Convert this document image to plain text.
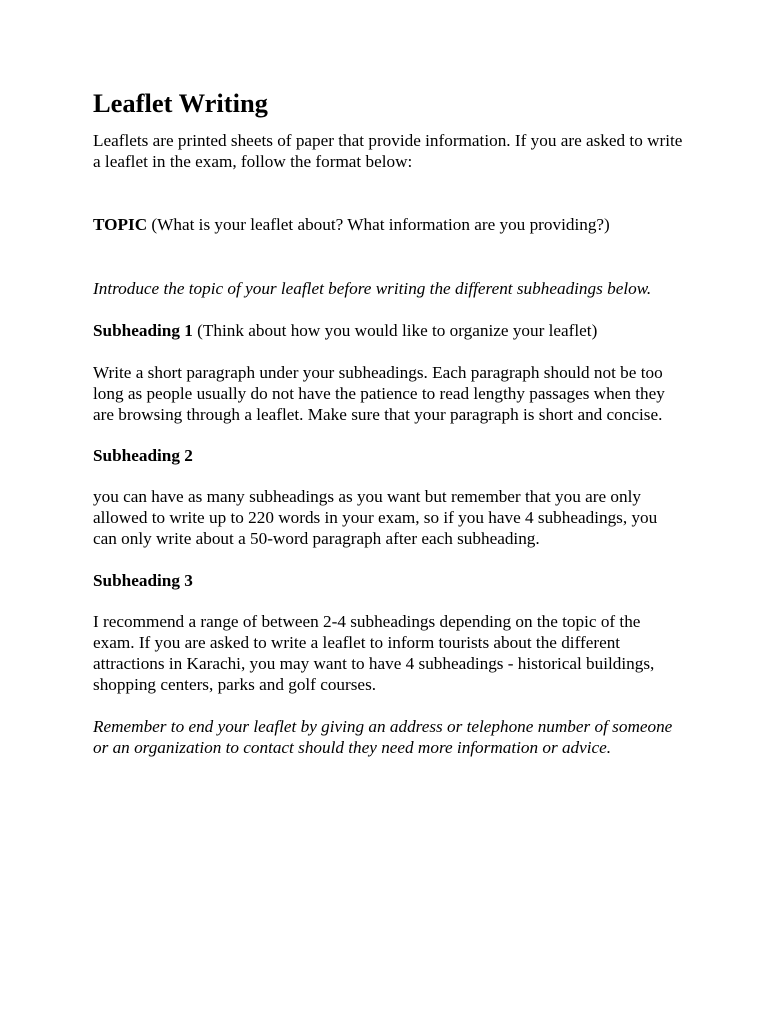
Leaflet Writing

Leaflets are printed sheets of paper that provide information. If you are asked to write a leaflet in the exam, follow the format below:

TOPIC (What is your leaflet about? What information are you providing?)

Introduce the topic of your leaflet before writing the different subheadings below.

Subheading 1 (Think about how you would like to organize your leaflet)

Write a short paragraph under your subheadings. Each paragraph should not be too long as people usually do not have the patience to read lengthy passages when they are browsing through a leaflet. Make sure that your paragraph is short and concise.

Subheading 2

you can have as many subheadings as you want but remember that you are only allowed to write up to 220 words in your exam, so if you have 4 subheadings, you can only write about a 50-word paragraph after each subheading.

Subheading 3

I recommend a range of between 2-4 subheadings depending on the topic of the exam. If you are asked to write a leaflet to inform tourists about the different attractions in Karachi, you may want to have 4 subheadings - historical buildings, shopping centers, parks and golf courses.

Remember to end your leaflet by giving an address or telephone number of someone or an organization to contact should they need more information or advice.
